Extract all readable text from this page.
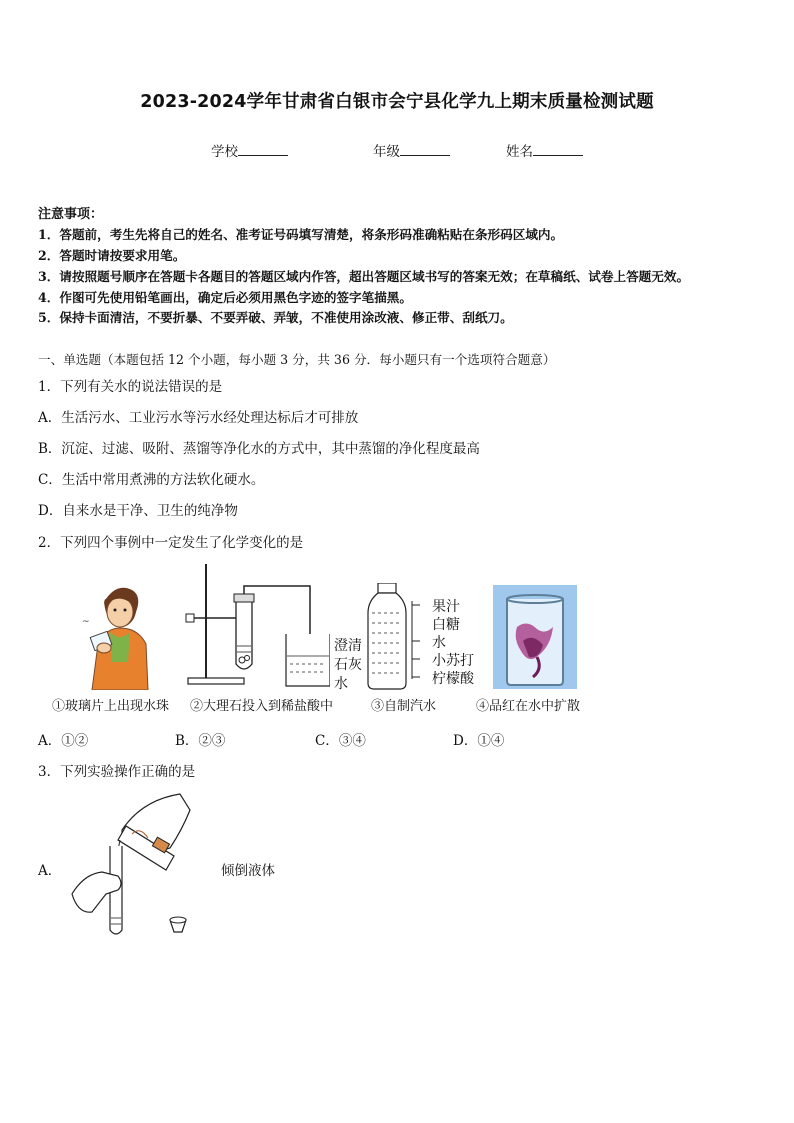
2023-2024学年甘肃省白银市会宁县化学九上期末质量检测试题
学校	年级	姓名
注意事项：
1．答题前，考生先将自己的姓名、准考证号码填写清楚，将条形码准确粘贴在条形码区域内。
2．答题时请按要求用笔。
3．请按照题号顺序在答题卡各题目的答题区域内作答，超出答题区域书写的答案无效；在草稿纸、试卷上答题无效。
4．作图可先使用铅笔画出，确定后必须用黑色字迹的签字笔描黑。
5．保持卡面清洁，不要折暴、不要弄破、弄皱，不准使用涂改液、修正带、刮纸刀。
一、单选题（本题包括 12 个小题，每小题 3 分，共 36 分．每小题只有一个选项符合题意）
1．下列有关水的说法错误的是
A．生活污水、工业污水等污水经处理达标后才可排放
B．沉淀、过滤、吸附、蒸馏等净化水的方式中，其中蒸馏的净化程度最高
C．生活中常用煮沸的方法软化硬水。
D．自来水是干净、卫生的纯净物
2．下列四个事例中一定发生了化学变化的是
~
澄清
石灰
水
果汁
白糖
水
小苏打
柠檬酸
①玻璃片上出现水珠 ②大理石投入到稀盐酸中	③自制汽水	④品红在水中扩散
A．①②	B．②③	C．③④	D．①④
3．下列实验操作正确的是
A．	倾倒液体
